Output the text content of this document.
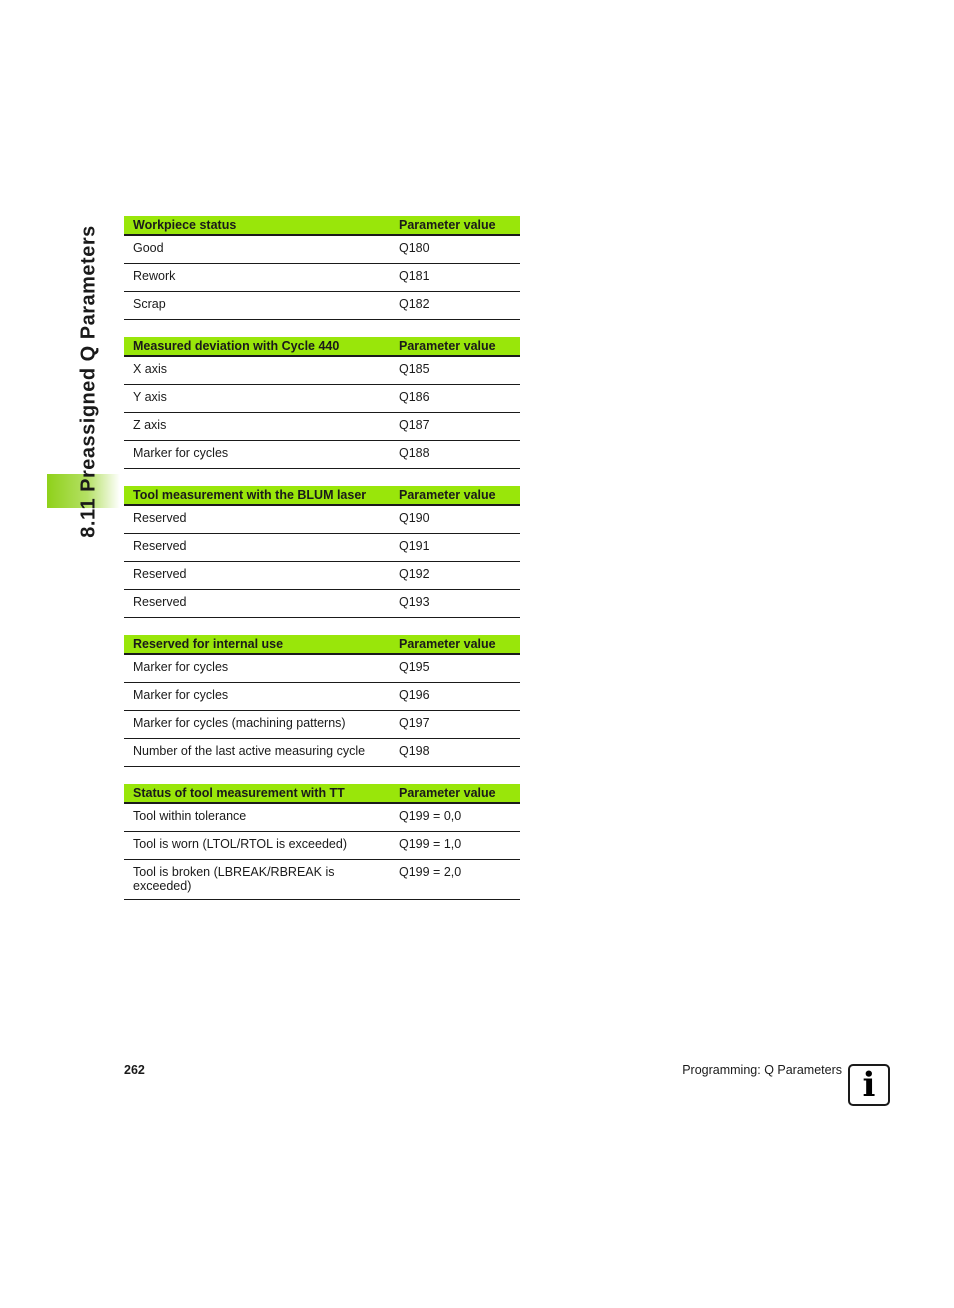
8.11 Preassigned Q Parameters	Workpiece status	Parameter value
Good	Q180
Rework	Q181
Scrap	Q182
Measured deviation with Cycle 440	Parameter value
X axis	Q185
Y axis	Q186
Z axis	Q187
Marker for cycles	Q188
Tool measurement with the BLUM laser	Parameter value
Reserved	Q190
Reserved	Q191
Reserved	Q192
Reserved	Q193
Reserved for internal use	Parameter value
Marker for cycles	Q195
Marker for cycles	Q196
Marker for cycles (machining patterns)	Q197
Number of the last active measuring cycle	Q198
Status of tool measurement with TT	Parameter value
Tool within tolerance	Q199 = 0,0
Tool is worn (LTOL/RTOL is exceeded)	Q199 = 1,0
Tool is broken (LBREAK/RBREAK is exceeded)	Q199 = 2,0
262	Programming: Q Parameters i
